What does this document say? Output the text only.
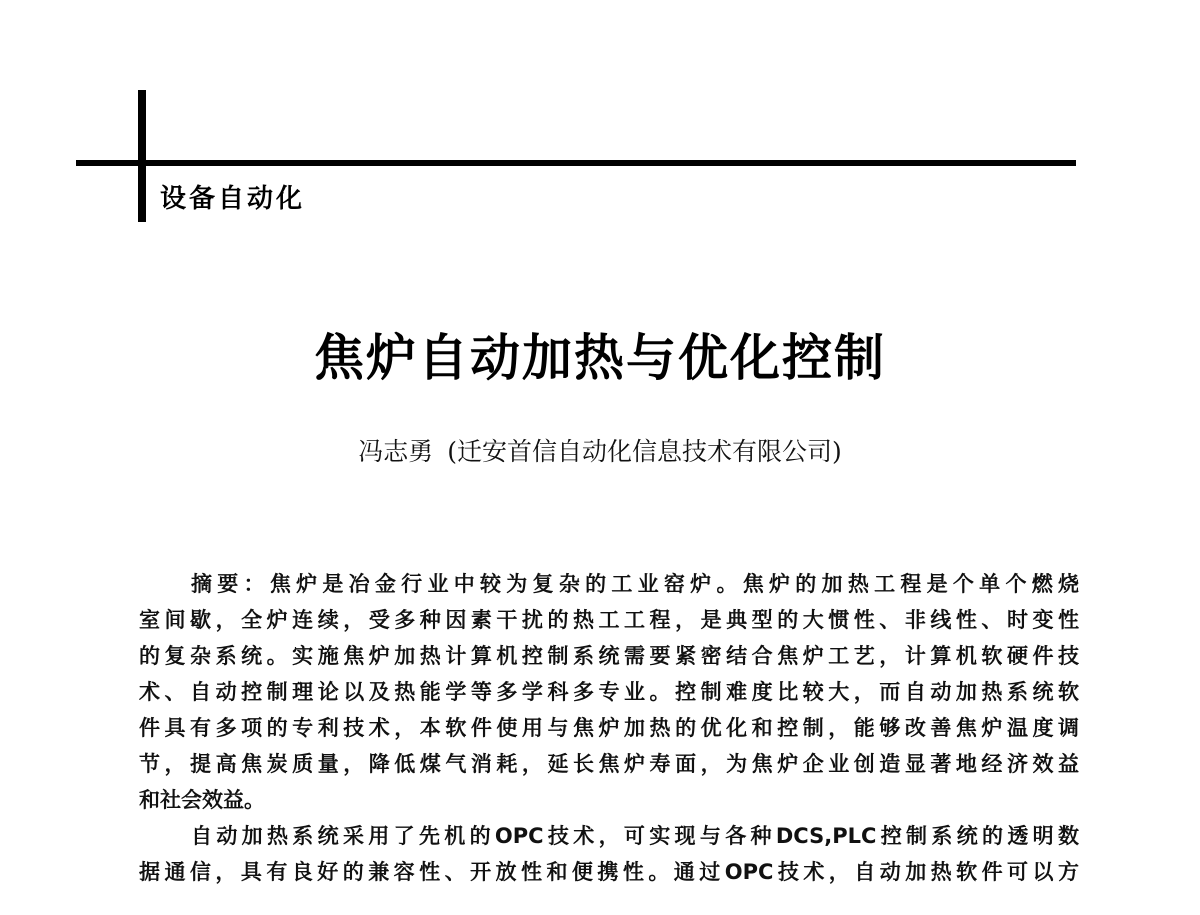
设备自动化
焦炉自动加热与优化控制
冯志勇 (迁安首信自动化信息技术有限公司)
摘要：焦炉是冶金行业中较为复杂的工业窑炉。焦炉的加热工程是个单个燃烧
室间歇，全炉连续，受多种因素干扰的热工工程，是典型的大惯性、非线性、时变性
的复杂系统。实施焦炉加热计算机控制系统需要紧密结合焦炉工艺，计算机软硬件技
术、自动控制理论以及热能学等多学科多专业。控制难度比较大，而自动加热系统软
件具有多项的专利技术，本软件使用与焦炉加热的优化和控制，能够改善焦炉温度调
节，提高焦炭质量，降低煤气消耗，延长焦炉寿面，为焦炉企业创造显著地经济效益
和社会效益。
自动加热系统采用了先机的OPC技术，可实现与各种DCS,PLC控制系统的透明数
据通信，具有良好的兼容性、开放性和便携性。通过OPC技术，自动加热软件可以方
